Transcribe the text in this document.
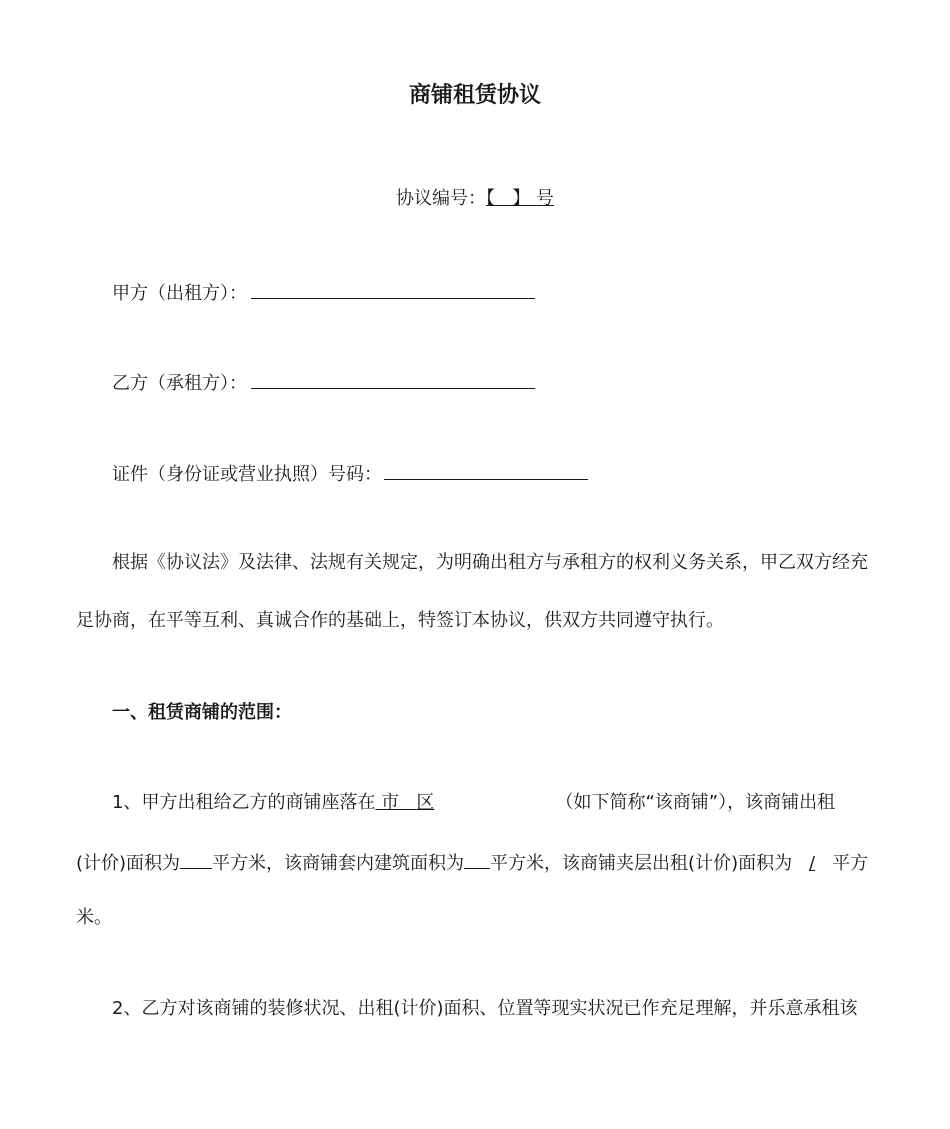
商铺租赁协议
协议编号：【   】 号
甲方（出租方）：
乙方（承租方）：
证件（身份证或营业执照）号码：
根据《协议法》及法律、法规有关规定，为明确出租方与承租方的权利义务关系，甲乙双方经充
足协商，在平等互利、真诚合作的基础上，特签订本协议，供双方共同遵守执行。
一、租赁商铺的范围：
1、甲方出租给乙方的商铺座落在 市   区	（如下简称“该商铺”），该商铺出租
(计价)面积为 平方米，该商铺套内建筑面积为 平方米，该商铺夹层出租(计价)面积为 / 平方
米。
2、乙方对该商铺的装修状况、出租(计价)面积、位置等现实状况已作充足理解，并乐意承租该
